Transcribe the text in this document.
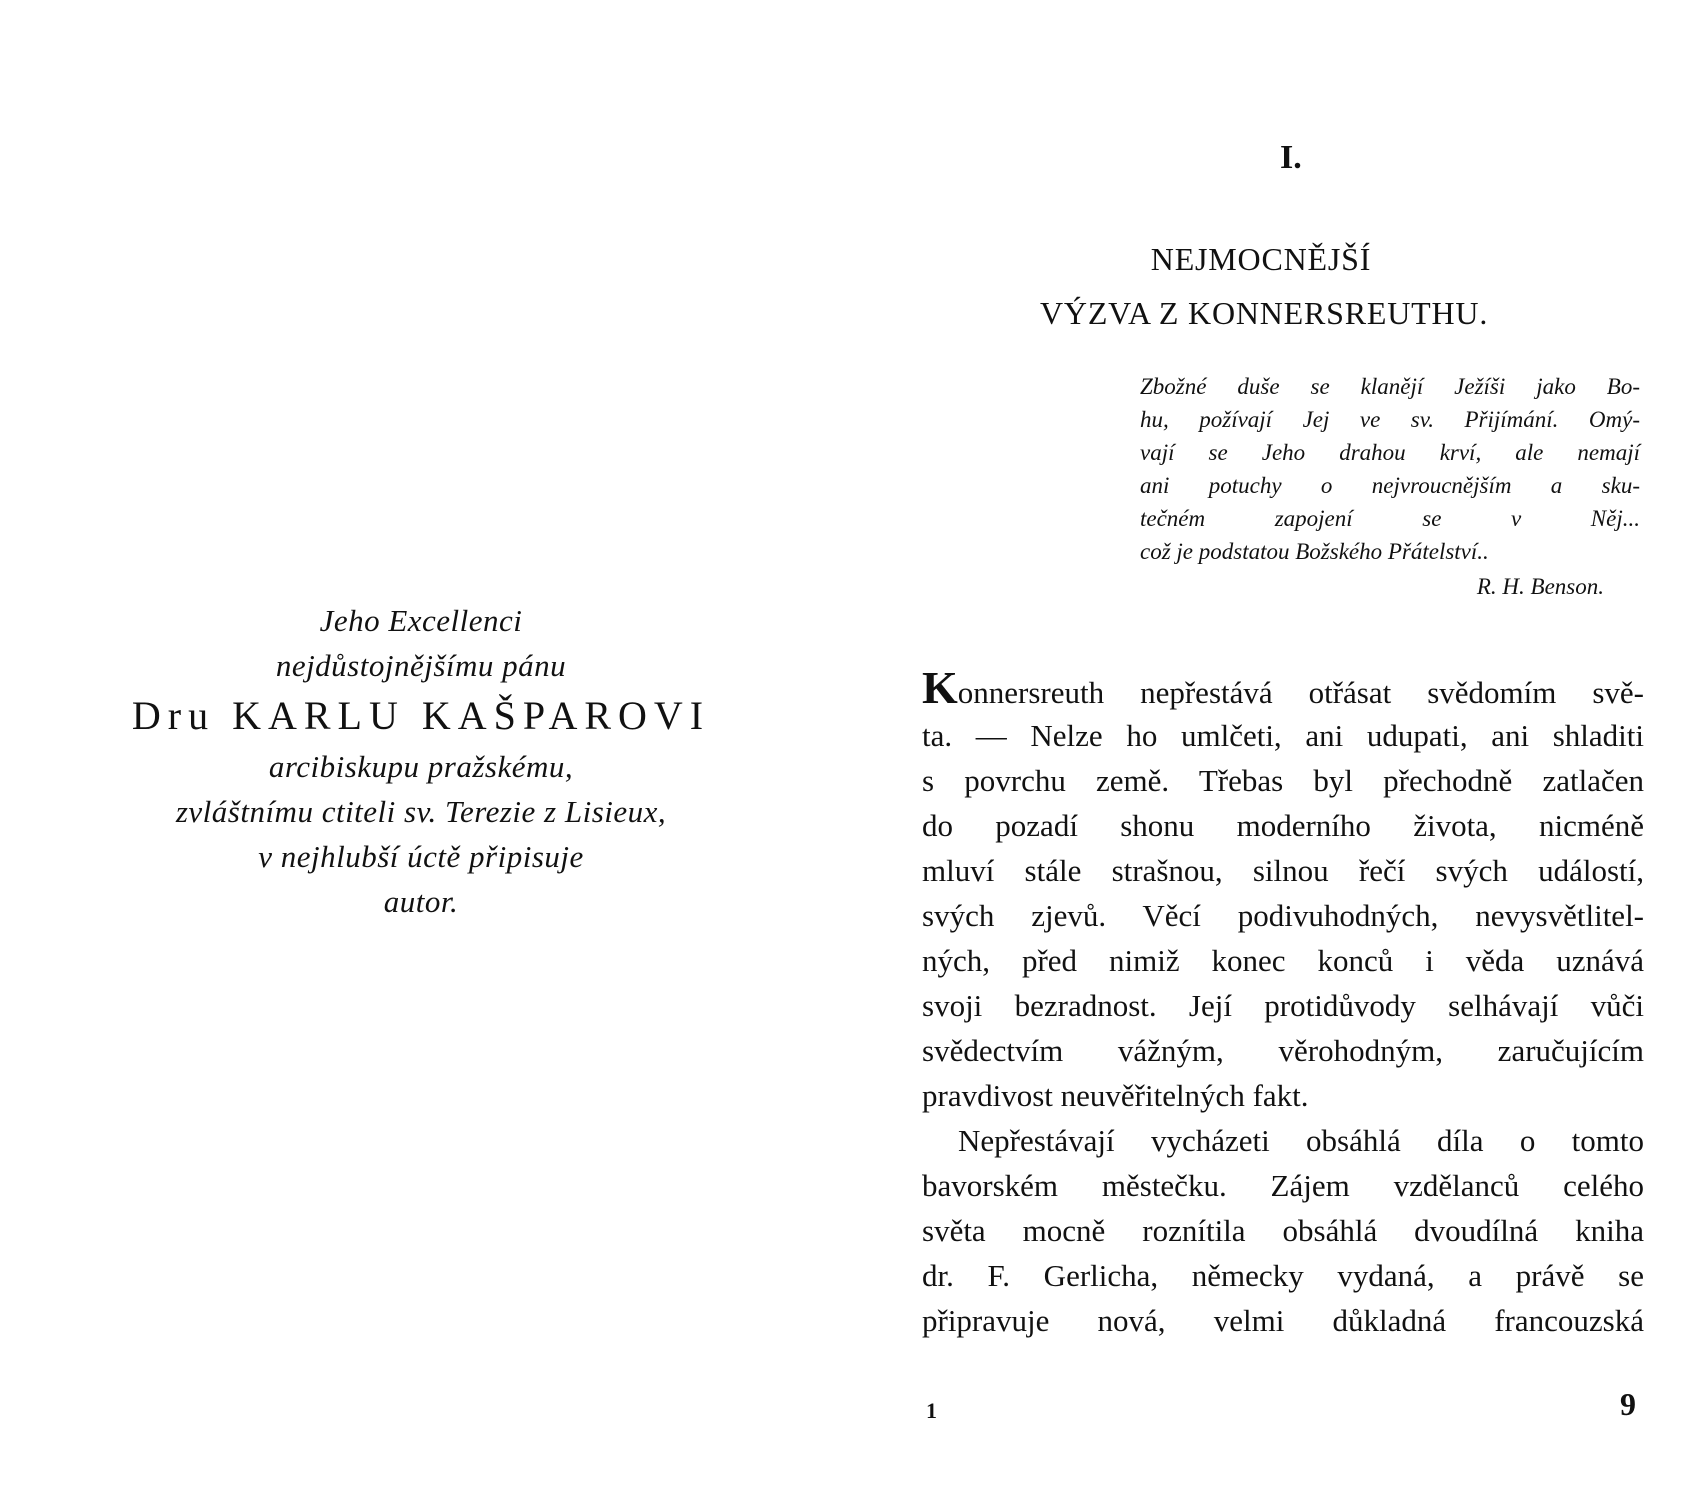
Jeho Excellenci
nejdůstojnějšímu pánu
Dru KARLU KAŠPAROVI
arcibiskupu pražskému,
zvláštnímu ctiteli sv. Terezie z Lisieux,
v nejhlubší úctě připisuje
autor.
I.
NEJMOCNĚJŠÍ
VÝZVA Z KONNERSREUTHU.
Zbožné duše se klanějí Ježíši jako Bo-
hu, požívají Jej ve sv. Přijímání. Omý-
vají se Jeho drahou krví, ale nemají
ani potuchy o nejvroucnějším a sku-
tečném zapojení se v Něj...
což je podstatou Božského Přátelství..
R. H. Benson.
Konnersreuth nepřestává otřásat svědomím svě-
ta. — Nelze ho umlčeti, ani udupati, ani shladiti
s povrchu země. Třebas byl přechodně zatlačen
do pozadí shonu moderního života, nicméně
mluví stále strašnou, silnou řečí svých událostí,
svých zjevů. Věcí podivuhodných, nevysvětlitel-
ných, před nimiž konec konců i věda uznává
svoji bezradnost. Její protidůvody selhávají vůči
svědectvím vážným, věrohodným, zaručujícím
pravdivost neuvěřitelných fakt.
Nepřestávají vycházeti obsáhlá díla o tomto
bavorském městečku. Zájem vzdělanců celého
světa mocně roznítila obsáhlá dvoudílná kniha
dr. F. Gerlicha, německy vydaná, a právě se
připravuje nová, velmi důkladná francouzská
1	9
